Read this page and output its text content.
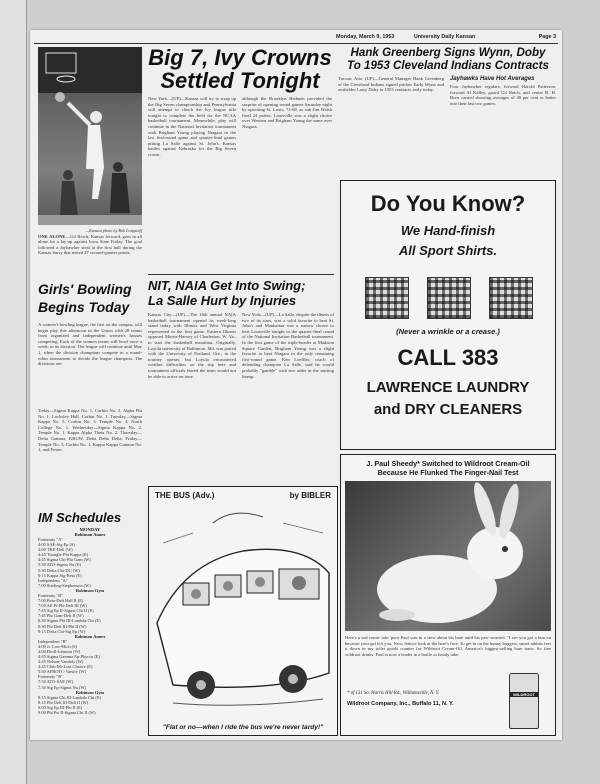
Monday, March 9, 1953	University Daily Kansan	Page 3
—Kansan photo by Bob Longstaff
ONE ALONE—Gil Reich, Kansas forward, goes in all alone for a lay-up against Iowa State Friday. The goal followed a Jayhawker steal in the first half during the Kansas Surry that netted 27 second-quarter points.
Big 7, Ivy Crowns
Settled Tonight
New York—(UP)—Kansas will try to wrap up the Big Seven championship and Pennsylvania will attempt to clinch the Ivy league title tonight to complete the field for the NCAA basketball tournament. Meanwhile, play will continue in the National Invitation tournament with Brigham Young playing Niagara in the last first-round game and quarter-final games pitting La Salle against St. John's. Kansas battles against Nebraska for the Big Seven crown.
although the Brooklyn Redmen provided the surprise of opening round games Saturday night by upsetting St. Louis, 71-68, as sub Jim Walsh fired 24 points. Louisville was a slight choice over Western and Brigham Young the same over Niagara.
Hank Greenberg Signs Wynn, Doby
To 1953 Cleveland Indians Contracts
Tucson, Ariz. (UP)—General Manager Hank Greenberg of the Cleveland Indians signed pitcher Early Wynn and outfielder Larry Doby to 1953 contracts early today.
Jayhawks Have Hot Averages
Four Jayhawker regulars, forward Harold Patterson, forward Al Kelley, guard Gil Reich, and center B. H. Born carried shooting averages of 40 per cent or better into their last two games.
Do You Know?
We Hand-finish
All Sport Shirts.
(Never a wrinkle or a crease.)
CALL 383
LAWRENCE LAUNDRY
and DRY CLEANERS
NIT, NAIA Get Into Swing;
La Salle Hurt by Injuries
Kansas City—(UP)—The 16th annual NAIA basketball tournament opened its week-long stand today with Illinois and West Virginia represented in the first game. Eastern Illinois opposed Morris-Harvey of Charleston, W. Va., to start the basketball marathon. Originally, Loyola university of Baltimore, Md. was paired with the University of Portland, Ore., in the tourney opener, but Loyola encountered weather difficulties on the trip here and tournament officials feared the team would not be able to arrive on time.
New York—(UP)—La Salle, despite the illness of two of its stars, was a solid favorite to beat St. John's and Manhattan was a narrow choice to beat Louisville tonight in the quarter-final round of the National Invitation Basketball tournament. In the first game of the triple-header at Madison Square Garden, Brigham Young was a slight favorite to beat Niagara in the only remaining first-round game. Ken Loeffler, coach of defending champion La Salle, said he would probably "gamble" with two aides in the starting lineup.
Girls' Bowling
Begins Today
A women's bowling league, the first on the campus, will begin play this afternoon in the Union with 28 teams from organized and independent women's houses competing. Each of the women teams will bowl once a week, in its division. The league will continue until May 1, when the division champions compete in a round-robin tournament to decide the league champion. The divisions are:
Today—Sigma Kappa No. 1, Corbin No. 2, Alpha Phi No. 1, Locksley Hall, Corbin No. 1. Tuesday—Sigma Kappa No. 5, Corbin No. 3, Temple No. 2, North College No. 1. Wednesday—Sigma Kappa No. 2, Temple No. 1, Kappa Alpha Theta No. 2. Thursday—Delta Gamma, KRUW, Delta Delta Delta. Friday—Temple No. 3, Corbin No. 1, Kappa Kappa Gamma No. 1, and Foster.
IM Schedules
MONDAY
Robinson Annex
Fraternity "A"
4:00 SAE-Sig Ep (S)
4:00 TKE-Delt (W)
4:45 Triangle-Phi Kappa (E)
4:45 Sigma Chi-Phi Gam (W)
5:30 ATO-Sigma Nu (E)
5:30 Delta Chi-DU (W)
6:15 Kappa Sig-Beta (E)
Independent "A"
7:00 Sterling-Stephenson (W)
Robinson Gym
Fraternity "B"
7:00 Beta-Delt Hall II (E)
7:00 AE Pi-Phi Delt III (W)
7:45 Sig Ep II-Sigma Chi II (E)
7:45 Phi Gam-Delt II (W)
8:30 Sigma Phi III-Lambda Chi (E)
8:30 Phi Delt III-Phi II (W)
9:15 Delta Chi-Sig Ep (W)
Robinson Annex
Independent "B"
4:00 Jr. Law-Mich (S)
4:00 Droll-Johnson (W)
4:45 Sigma Gamma Ep-Phycos (E)
4:45 Nelson-Vandaly (W)
4:45 Club-Mr-Lost Chance (E)
5:30 AFROTC-Varsity (W)
Fraternity "B"
7:30 ATO-SAE (W)
7:30 Sig Ep-Sigma Nu (W)
Robinson Gym
8:15 Sigma Chi III-Lambda Chi (E)
8:15 Phi Delt III-Delt II (W)
9:00 Sig Ep III-Phi II (E)
9:00 Phi Psi II-Sigma Chi II (W)
THE BUS (Adv.)	by BIBLER
"Flat or no—when I ride the bus we're never tardy!"
J. Paul Sheedy* Switched to Wildroot Cream-Oil
Because He Flunked The Finger-Nail Test
Here's a sad comic tale: poor Paul was in a stew about his hare until his paw worried. "I see you got a bun on because your gel left you. Now, lettuce look at the hare's face. To get in on the bunny buggest, smart rabbits feet it down in my toilet goods counter for Wildroot Cream-Oil, America's biggest-selling hare tonic. So fine wildroot drinks, Paul is now a leader in a bottle or handy tube.
* of 131 So. Harris Hill Rd., Williamsville, N. Y.
Wildroot Company, Inc., Buffalo 11, N. Y.
WILDROOT
